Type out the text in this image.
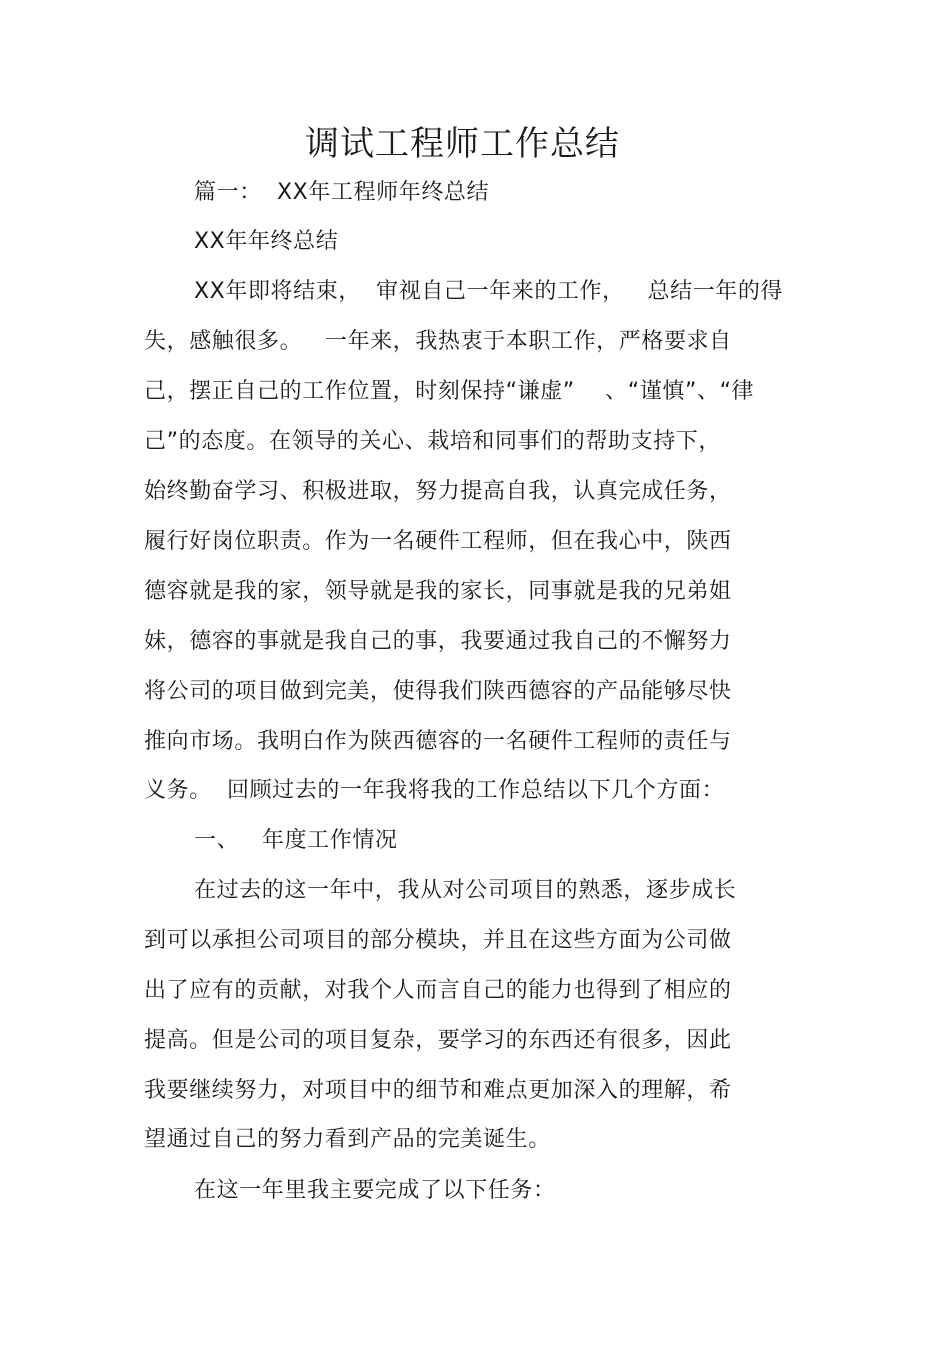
调试工程师工作总结
篇一：  XX年工程师年终总结
XX年年终总结
XX年即将结束，  审视自己一年来的工作，   总结一年的得
失，感触很多。   一年来，我热衷于本职工作，严格要求自
己，摆正自己的工作位置，时刻保持“谦虚”    、“谨慎”、“律
己”的态度。在领导的关心、栽培和同事们的帮助支持下，
始终勤奋学习、积极进取，努力提高自我，认真完成任务，
履行好岗位职责。作为一名硬件工程师，但在我心中，陕西
德容就是我的家，领导就是我的家长，同事就是我的兄弟姐
妹，德容的事就是我自己的事，我要通过我自己的不懈努力
将公司的项目做到完美，使得我们陕西德容的产品能够尽快
推向市场。我明白作为陕西德容的一名硬件工程师的责任与
义务。  回顾过去的一年我将我的工作总结以下几个方面：
一、   年度工作情况
在过去的这一年中，我从对公司项目的熟悉，逐步成长
到可以承担公司项目的部分模块，并且在这些方面为公司做
出了应有的贡献，对我个人而言自己的能力也得到了相应的
提高。但是公司的项目复杂，要学习的东西还有很多，因此
我要继续努力，对项目中的细节和难点更加深入的理解，希
望通过自己的努力看到产品的完美诞生。
在这一年里我主要完成了以下任务：
